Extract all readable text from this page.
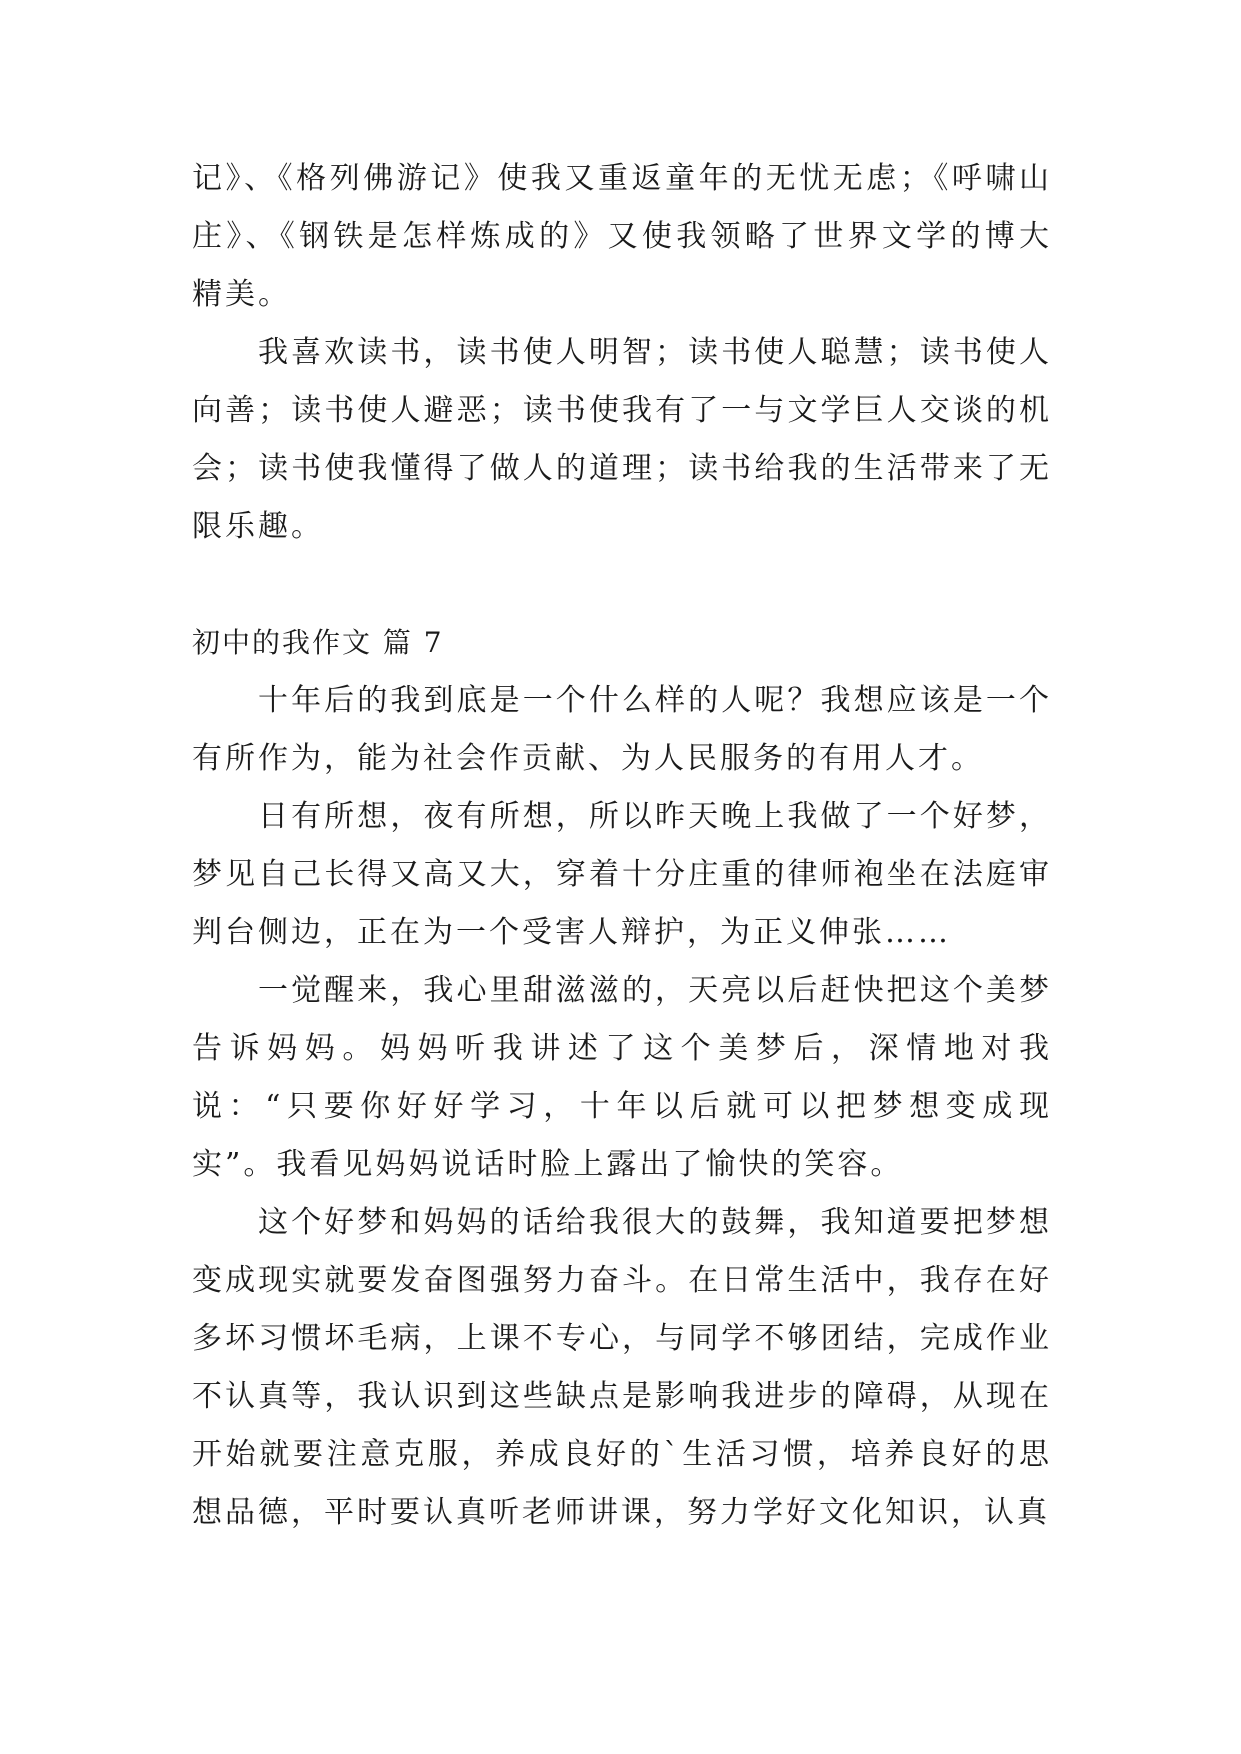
记》、《格列佛游记》使我又重返童年的无忧无虑；《呼啸山庄》、《钢铁是怎样炼成的》又使我领略了世界文学的博大精美。

我喜欢读书，读书使人明智；读书使人聪慧；读书使人向善；读书使人避恶；读书使我有了一与文学巨人交谈的机会；读书使我懂得了做人的道理；读书给我的生活带来了无限乐趣。

初中的我作文 篇 7

十年后的我到底是一个什么样的人呢？我想应该是一个有所作为，能为社会作贡献、为人民服务的有用人才。

日有所想，夜有所想，所以昨天晚上我做了一个好梦，梦见自己长得又高又大，穿着十分庄重的律师袍坐在法庭审判台侧边，正在为一个受害人辩护，为正义伸张……

一觉醒来，我心里甜滋滋的，天亮以后赶快把这个美梦告诉妈妈。妈妈听我讲述了这个美梦后，深情地对我说：“只要你好好学习，十年以后就可以把梦想变成现实”。我看见妈妈说话时脸上露出了愉快的笑容。

这个好梦和妈妈的话给我很大的鼓舞，我知道要把梦想变成现实就要发奋图强努力奋斗。在日常生活中，我存在好多坏习惯坏毛病，上课不专心，与同学不够团结，完成作业不认真等，我认识到这些缺点是影响我进步的障碍，从现在开始就要注意克服，养成良好的`生活习惯，培养良好的思想品德，平时要认真听老师讲课，努力学好文化知识，认真
